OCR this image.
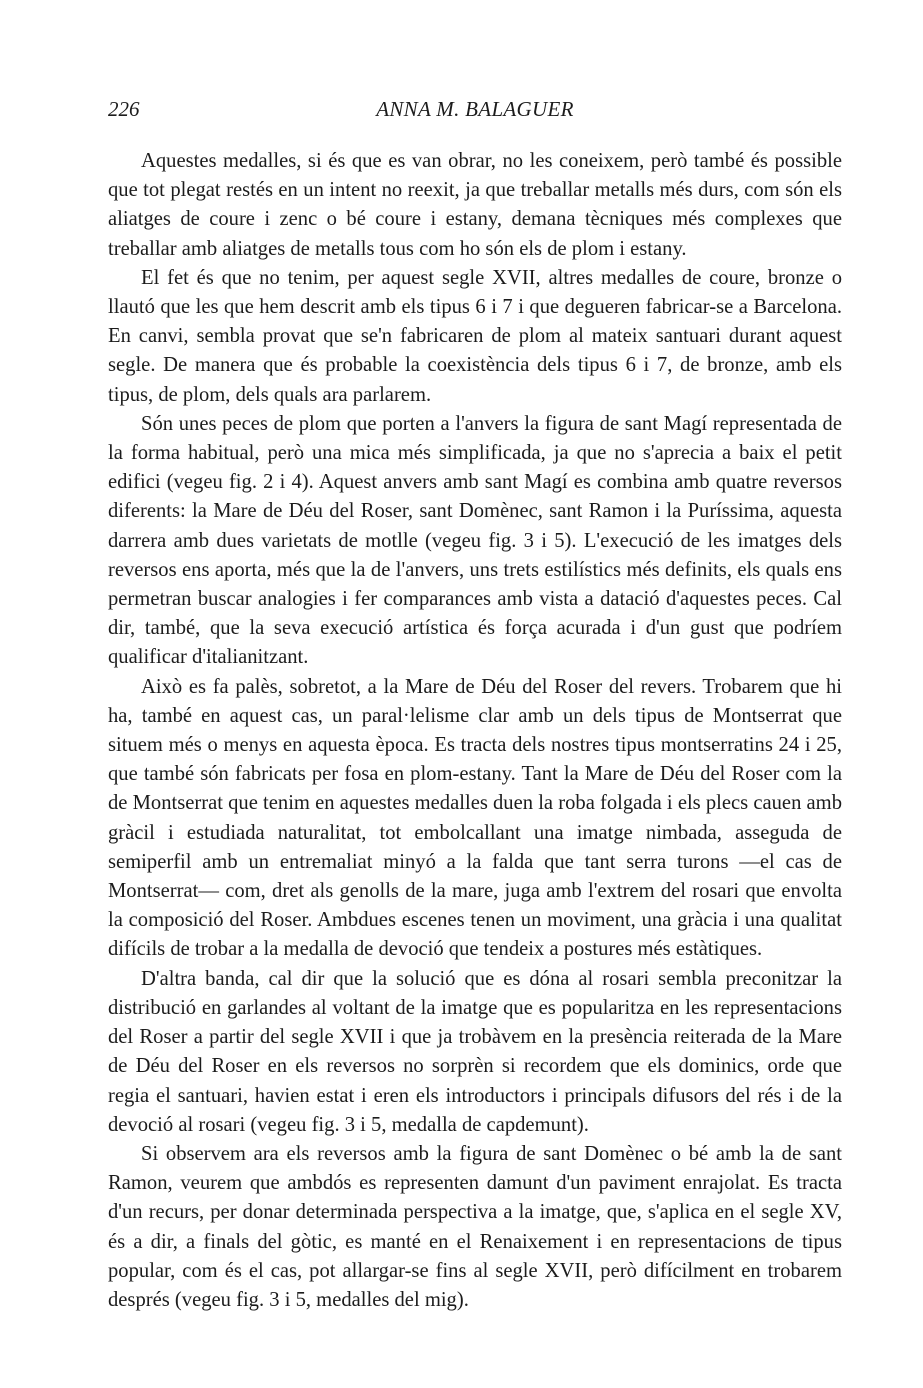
226	ANNA M. BALAGUER

Aquestes medalles, si és que es van obrar, no les coneixem, però també és possible que tot plegat restés en un intent no reexit, ja que treballar metalls més durs, com són els aliatges de coure i zenc o bé coure i estany, demana tècniques més complexes que treballar amb aliatges de metalls tous com ho són els de plom i estany.

El fet és que no tenim, per aquest segle XVII, altres medalles de coure, bronze o llautó que les que hem descrit amb els tipus 6 i 7 i que degueren fabricar-se a Barcelona. En canvi, sembla provat que se'n fabricaren de plom al mateix santuari durant aquest segle. De manera que és probable la coexistència dels tipus 6 i 7, de bronze, amb els tipus, de plom, dels quals ara parlarem.

Són unes peces de plom que porten a l'anvers la figura de sant Magí representada de la forma habitual, però una mica més simplificada, ja que no s'aprecia a baix el petit edifici (vegeu fig. 2 i 4). Aquest anvers amb sant Magí es combina amb quatre reversos diferents: la Mare de Déu del Roser, sant Domènec, sant Ramon i la Puríssima, aquesta darrera amb dues varietats de motlle (vegeu fig. 3 i 5). L'execució de les imatges dels reversos ens aporta, més que la de l'anvers, uns trets estilístics més definits, els quals ens permetran buscar analogies i fer comparances amb vista a datació d'aquestes peces. Cal dir, també, que la seva execució artística és força acurada i d'un gust que podríem qualificar d'italianitzant.

Això es fa palès, sobretot, a la Mare de Déu del Roser del revers. Trobarem que hi ha, també en aquest cas, un paral·lelisme clar amb un dels tipus de Montserrat que situem més o menys en aquesta època. Es tracta dels nostres tipus montserratins 24 i 25, que també són fabricats per fosa en plom-estany. Tant la Mare de Déu del Roser com la de Montserrat que tenim en aquestes medalles duen la roba folgada i els plecs cauen amb gràcil i estudiada naturalitat, tot embolcallant una imatge nimbada, asseguda de semiperfil amb un entremaliat minyó a la falda que tant serra turons —el cas de Montserrat— com, dret als genolls de la mare, juga amb l'extrem del rosari que envolta la composició del Roser. Ambdues escenes tenen un moviment, una gràcia i una qualitat difícils de trobar a la medalla de devoció que tendeix a postures més estàtiques.

D'altra banda, cal dir que la solució que es dóna al rosari sembla preconitzar la distribució en garlandes al voltant de la imatge que es popularitza en les representacions del Roser a partir del segle XVII i que ja trobàvem en la presència reiterada de la Mare de Déu del Roser en els reversos no sorprèn si recordem que els dominics, orde que regia el santuari, havien estat i eren els introductors i principals difusors del rés i de la devoció al rosari (vegeu fig. 3 i 5, medalla de capdemunt).

Si observem ara els reversos amb la figura de sant Domènec o bé amb la de sant Ramon, veurem que ambdós es representen damunt d'un paviment enrajolat. Es tracta d'un recurs, per donar determinada perspectiva a la imatge, que, s'aplica en el segle XV, és a dir, a finals del gòtic, es manté en el Renaixement i en representacions de tipus popular, com és el cas, pot allargar-se fins al segle XVII, però difícilment en trobarem després (vegeu fig. 3 i 5, medalles del mig).
